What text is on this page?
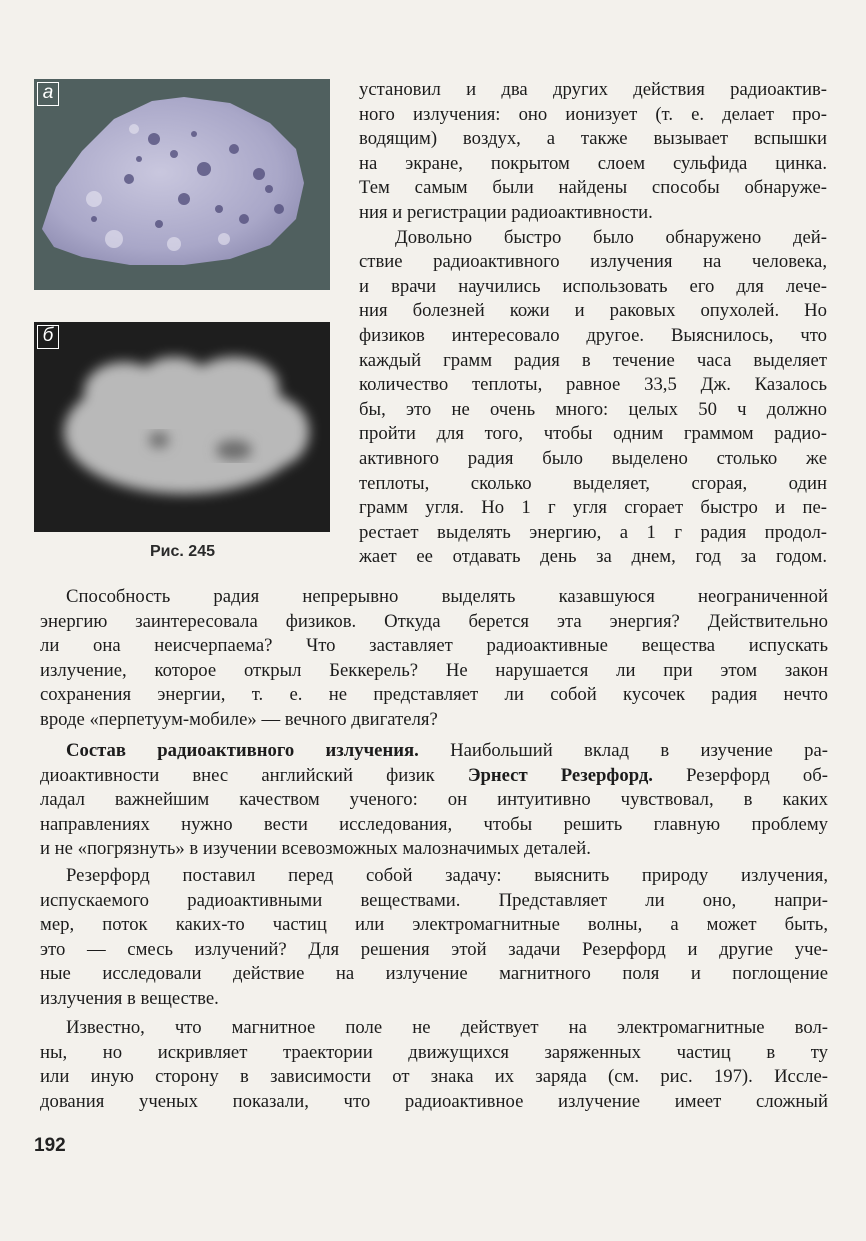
а
б
Рис. 245

установил и два других действия радиоактив-
ного излучения: оно ионизует (т. е. делает про-
водящим) воздух, а также вызывает вспышки
на экране, покрытом слоем сульфида цинка.
Тем самым были найдены способы обнаруже-
ния и регистрации радиоактивности.

Довольно быстро было обнаружено дей-
ствие радиоактивного излучения на человека,
и врачи научились использовать его для лече-
ния болезней кожи и раковых опухолей. Но
физиков интересовало другое. Выяснилось, что
каждый грамм радия в течение часа выделяет
количество теплоты, равное 33,5 Дж. Казалось
бы, это не очень много: целых 50 ч должно
пройти для того, чтобы одним граммом радио-
активного радия было выделено столько же
теплоты, сколько выделяет, сгорая, один
грамм угля. Но 1 г угля сгорает быстро и пе-
рестает выделять энергию, а 1 г радия продол-
жает ее отдавать день за днем, год за годом.

Способность радия непрерывно выделять казавшуюся неограниченной
энергию заинтересовала физиков. Откуда берется эта энергия? Действительно
ли она неисчерпаема? Что заставляет радиоактивные вещества испускать
излучение, которое открыл Беккерель? Не нарушается ли при этом закон
сохранения энергии, т. е. не представляет ли собой кусочек радия нечто
вроде «перпетуум-мобиле» — вечного двигателя?
Состав радиоактивного излучения. Наибольший вклад в изучение ра-
диоактивности внес английский физик Эрнест Резерфорд. Резерфорд об-
ладал важнейшим качеством ученого: он интуитивно чувствовал, в каких
направлениях нужно вести исследования, чтобы решить главную проблему
и не «погрязнуть» в изучении всевозможных малозначимых деталей.
Резерфорд поставил перед собой задачу: выяснить природу излучения,
испускаемого радиоактивными веществами. Представляет ли оно, напри-
мер, поток каких-то частиц или электромагнитные волны, а может быть,
это — смесь излучений? Для решения этой задачи Резерфорд и другие уче-
ные исследовали действие на излучение магнитного поля и поглощение
излучения в веществе.
Известно, что магнитное поле не действует на электромагнитные вол-
ны, но искривляет траектории движущихся заряженных частиц в ту
или иную сторону в зависимости от знака их заряда (см. рис. 197). Иссле-
дования ученых показали, что радиоактивное излучение имеет сложный
192
